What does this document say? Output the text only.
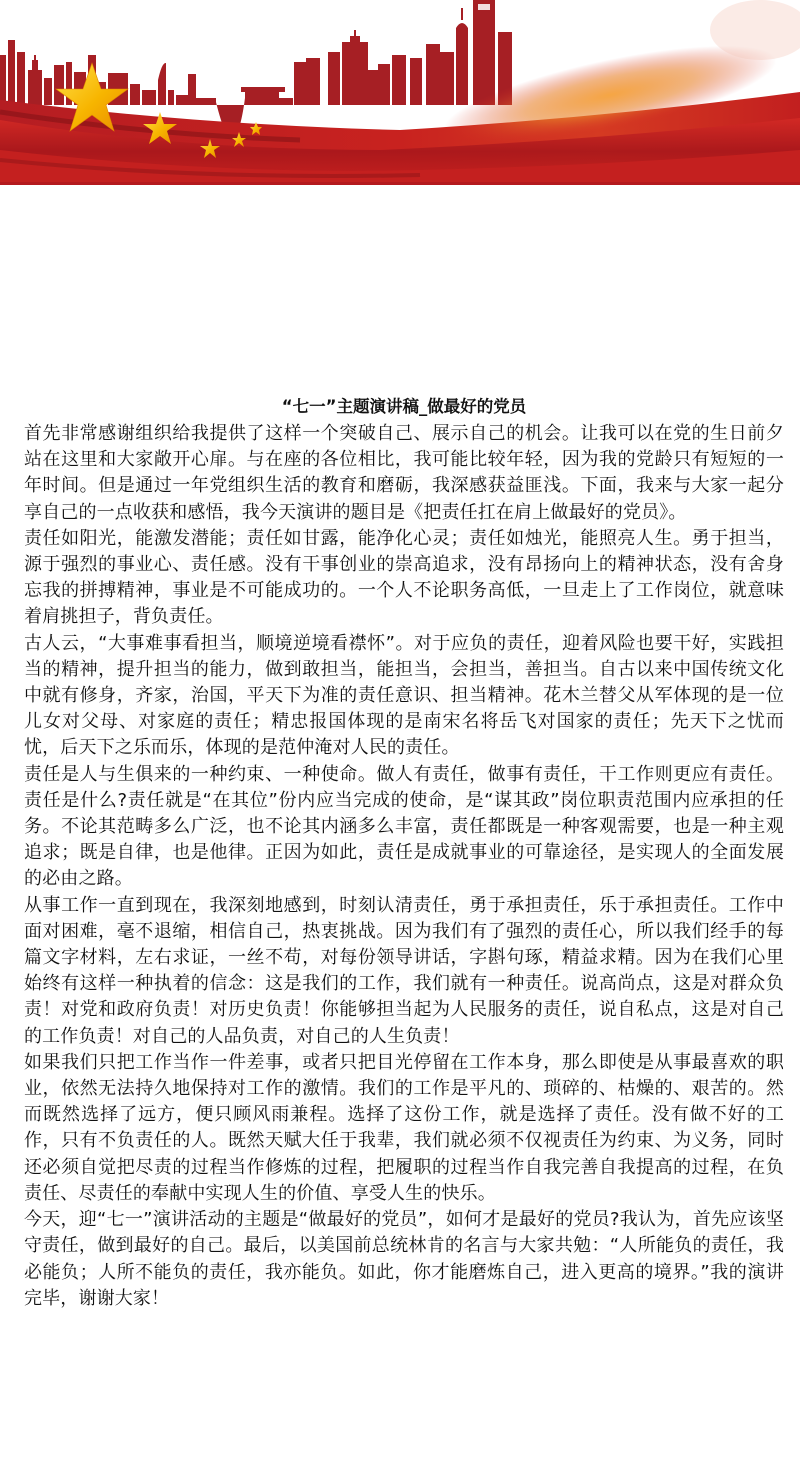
“七一”主题演讲稿_做最好的党员

首先非常感谢组织给我提供了这样一个突破自己、展示自己的机会。让我可以在党的生日前夕站在这里和大家敞开心扉。与在座的各位相比，我可能比较年轻，因为我的党龄只有短短的一年时间。但是通过一年党组织生活的教育和磨砺，我深感获益匪浅。下面，我来与大家一起分享自己的一点收获和感悟，我今天演讲的题目是《把责任扛在肩上做最好的党员》。

责任如阳光，能激发潜能；责任如甘露，能净化心灵；责任如烛光，能照亮人生。勇于担当，源于强烈的事业心、责任感。没有干事创业的崇高追求，没有昂扬向上的精神状态，没有舍身忘我的拼搏精神，事业是不可能成功的。一个人不论职务高低，一旦走上了工作岗位，就意味着肩挑担子，背负责任。

古人云，“大事难事看担当，顺境逆境看襟怀”。对于应负的责任，迎着风险也要干好，实践担当的精神，提升担当的能力，做到敢担当，能担当，会担当，善担当。自古以来中国传统文化中就有修身，齐家，治国，平天下为准的责任意识、担当精神。花木兰替父从军体现的是一位儿女对父母、对家庭的责任；精忠报国体现的是南宋名将岳飞对国家的责任；先天下之忧而忧，后天下之乐而乐，体现的是范仲淹对人民的责任。

责任是人与生俱来的一种约束、一种使命。做人有责任，做事有责任，干工作则更应有责任。责任是什么?责任就是“在其位”份内应当完成的使命，是“谋其政”岗位职责范围内应承担的任务。不论其范畴多么广泛，也不论其内涵多么丰富，责任都既是一种客观需要，也是一种主观追求；既是自律，也是他律。正因为如此，责任是成就事业的可靠途径，是实现人的全面发展的必由之路。

从事工作一直到现在，我深刻地感到，时刻认清责任，勇于承担责任，乐于承担责任。工作中面对困难，毫不退缩，相信自己，热衷挑战。因为我们有了强烈的责任心，所以我们经手的每篇文字材料，左右求证，一丝不苟，对每份领导讲话，字斟句琢，精益求精。因为在我们心里始终有这样一种执着的信念：这是我们的工作，我们就有一种责任。说高尚点，这是对群众负责！对党和政府负责！对历史负责！你能够担当起为人民服务的责任，说自私点，这是对自己的工作负责！对自己的人品负责，对自己的人生负责！

如果我们只把工作当作一件差事，或者只把目光停留在工作本身，那么即使是从事最喜欢的职业，依然无法持久地保持对工作的激情。我们的工作是平凡的、琐碎的、枯燥的、艰苦的。然而既然选择了远方，便只顾风雨兼程。选择了这份工作，就是选择了责任。没有做不好的工作，只有不负责任的人。既然天赋大任于我辈，我们就必须不仅视责任为约束、为义务，同时还必须自觉把尽责的过程当作修炼的过程，把履职的过程当作自我完善自我提高的过程，在负责任、尽责任的奉献中实现人生的价值、享受人生的快乐。

今天，迎“七一”演讲活动的主题是“做最好的党员”，如何才是最好的党员?我认为，首先应该坚守责任，做到最好的自己。最后，以美国前总统林肯的名言与大家共勉：“人所能负的责任，我必能负；人所不能负的责任，我亦能负。如此，你才能磨炼自己，进入更高的境界。”我的演讲完毕，谢谢大家！
